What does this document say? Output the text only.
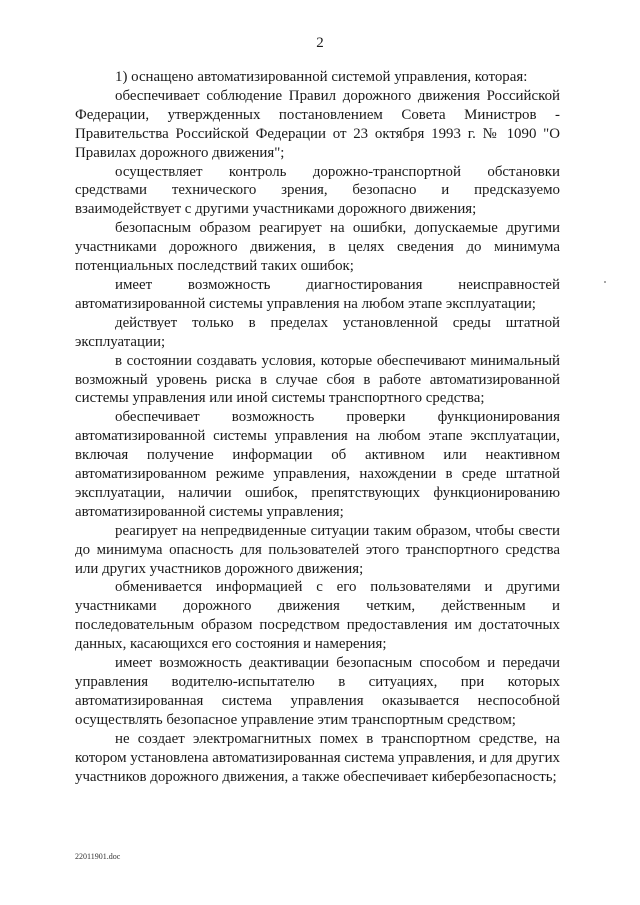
2

1) оснащено автоматизированной системой управления, которая:

обеспечивает соблюдение Правил дорожного движения Российской Федерации, утвержденных постановлением Совета Министров - Правительства Российской Федерации от 23 октября 1993 г. № 1090 "О Правилах дорожного движения";

осуществляет контроль дорожно-транспортной обстановки средствами технического зрения, безопасно и предсказуемо взаимодействует с другими участниками дорожного движения;

безопасным образом реагирует на ошибки, допускаемые другими участниками дорожного движения, в целях сведения до минимума потенциальных последствий таких ошибок;

имеет возможность диагностирования неисправностей автоматизированной системы управления на любом этапе эксплуатации;

действует только в пределах установленной среды штатной эксплуатации;

в состоянии создавать условия, которые обеспечивают минимальный возможный уровень риска в случае сбоя в работе автоматизированной системы управления или иной системы транспортного средства;

обеспечивает возможность проверки функционирования автоматизированной системы управления на любом этапе эксплуатации, включая получение информации об активном или неактивном автоматизированном режиме управления, нахождении в среде штатной эксплуатации, наличии ошибок, препятствующих функционированию автоматизированной системы управления;

реагирует на непредвиденные ситуации таким образом, чтобы свести до минимума опасность для пользователей этого транспортного средства или других участников дорожного движения;

обменивается информацией с его пользователями и другими участниками дорожного движения четким, действенным и последовательным образом посредством предоставления им достаточных данных, касающихся его состояния и намерения;

имеет возможность деактивации безопасным способом и передачи управления водителю-испытателю в ситуациях, при которых автоматизированная система управления оказывается неспособной осуществлять безопасное управление этим транспортным средством;

не создает электромагнитных помех в транспортном средстве, на котором установлена автоматизированная система управления, и для других участников дорожного движения, а также обеспечивает кибербезопасность;

22011901.doc
